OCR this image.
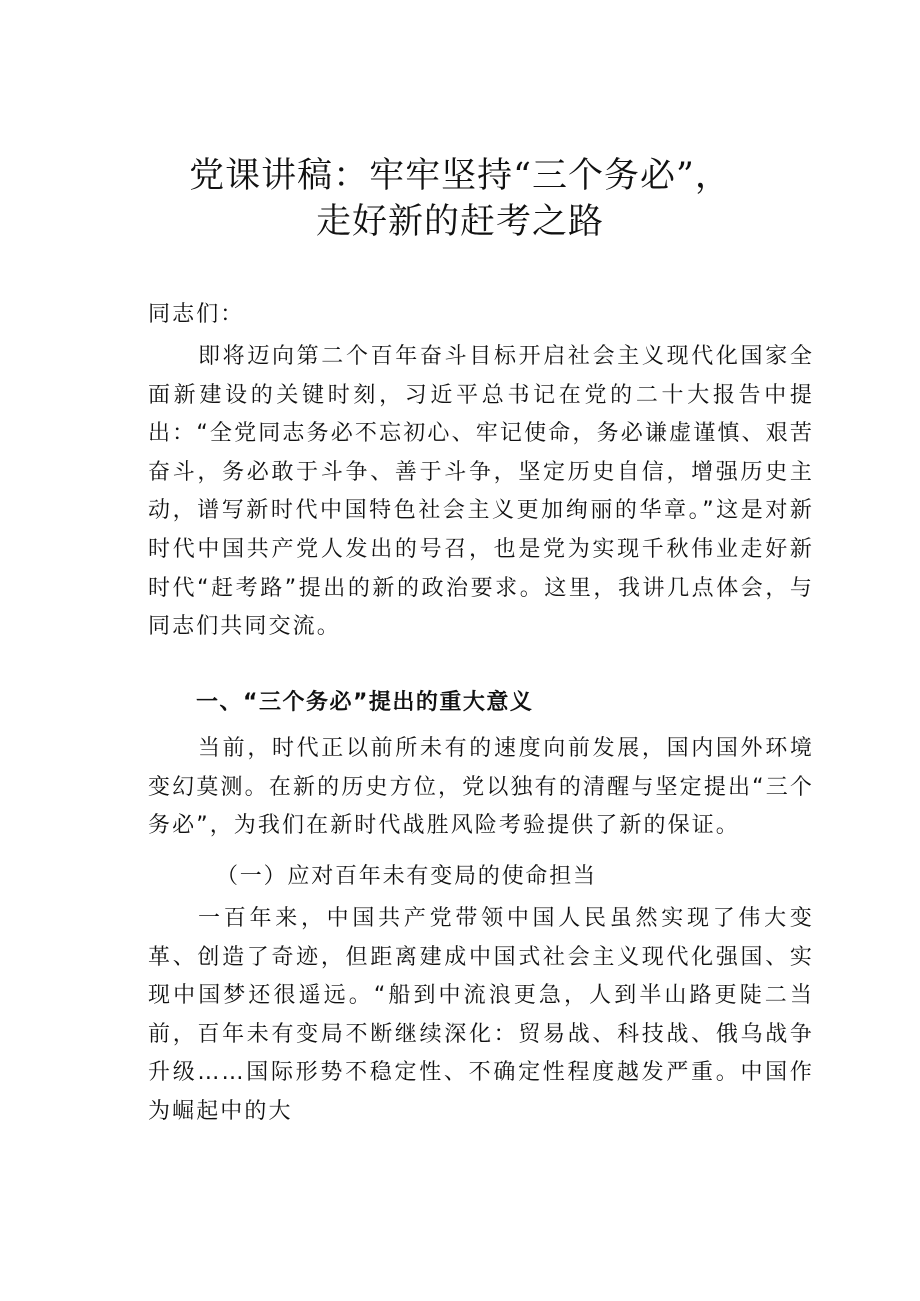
党课讲稿：牢牢坚持“三个务必”，
走好新的赶考之路

同志们：

即将迈向第二个百年奋斗目标开启社会主义现代化国家全面新建设的关键时刻，习近平总书记在党的二十大报告中提出：“全党同志务必不忘初心、牢记使命，务必谦虚谨慎、艰苦奋斗，务必敢于斗争、善于斗争，坚定历史自信，增强历史主动，谱写新时代中国特色社会主义更加绚丽的华章。”这是对新时代中国共产党人发出的号召，也是党为实现千秋伟业走好新时代“赶考路”提出的新的政治要求。这里，我讲几点体会，与同志们共同交流。

一、“三个务必”提出的重大意义

当前，时代正以前所未有的速度向前发展，国内国外环境变幻莫测。在新的历史方位，党以独有的清醒与坚定提出“三个务必”，为我们在新时代战胜风险考验提供了新的保证。

（一）应对百年未有变局的使命担当

一百年来，中国共产党带领中国人民虽然实现了伟大变革、创造了奇迹，但距离建成中国式社会主义现代化强国、实现中国梦还很遥远。“船到中流浪更急，人到半山路更陡二当前，百年未有变局不断继续深化：贸易战、科技战、俄乌战争升级……国际形势不稳定性、不确定性程度越发严重。中国作为崛起中的大
